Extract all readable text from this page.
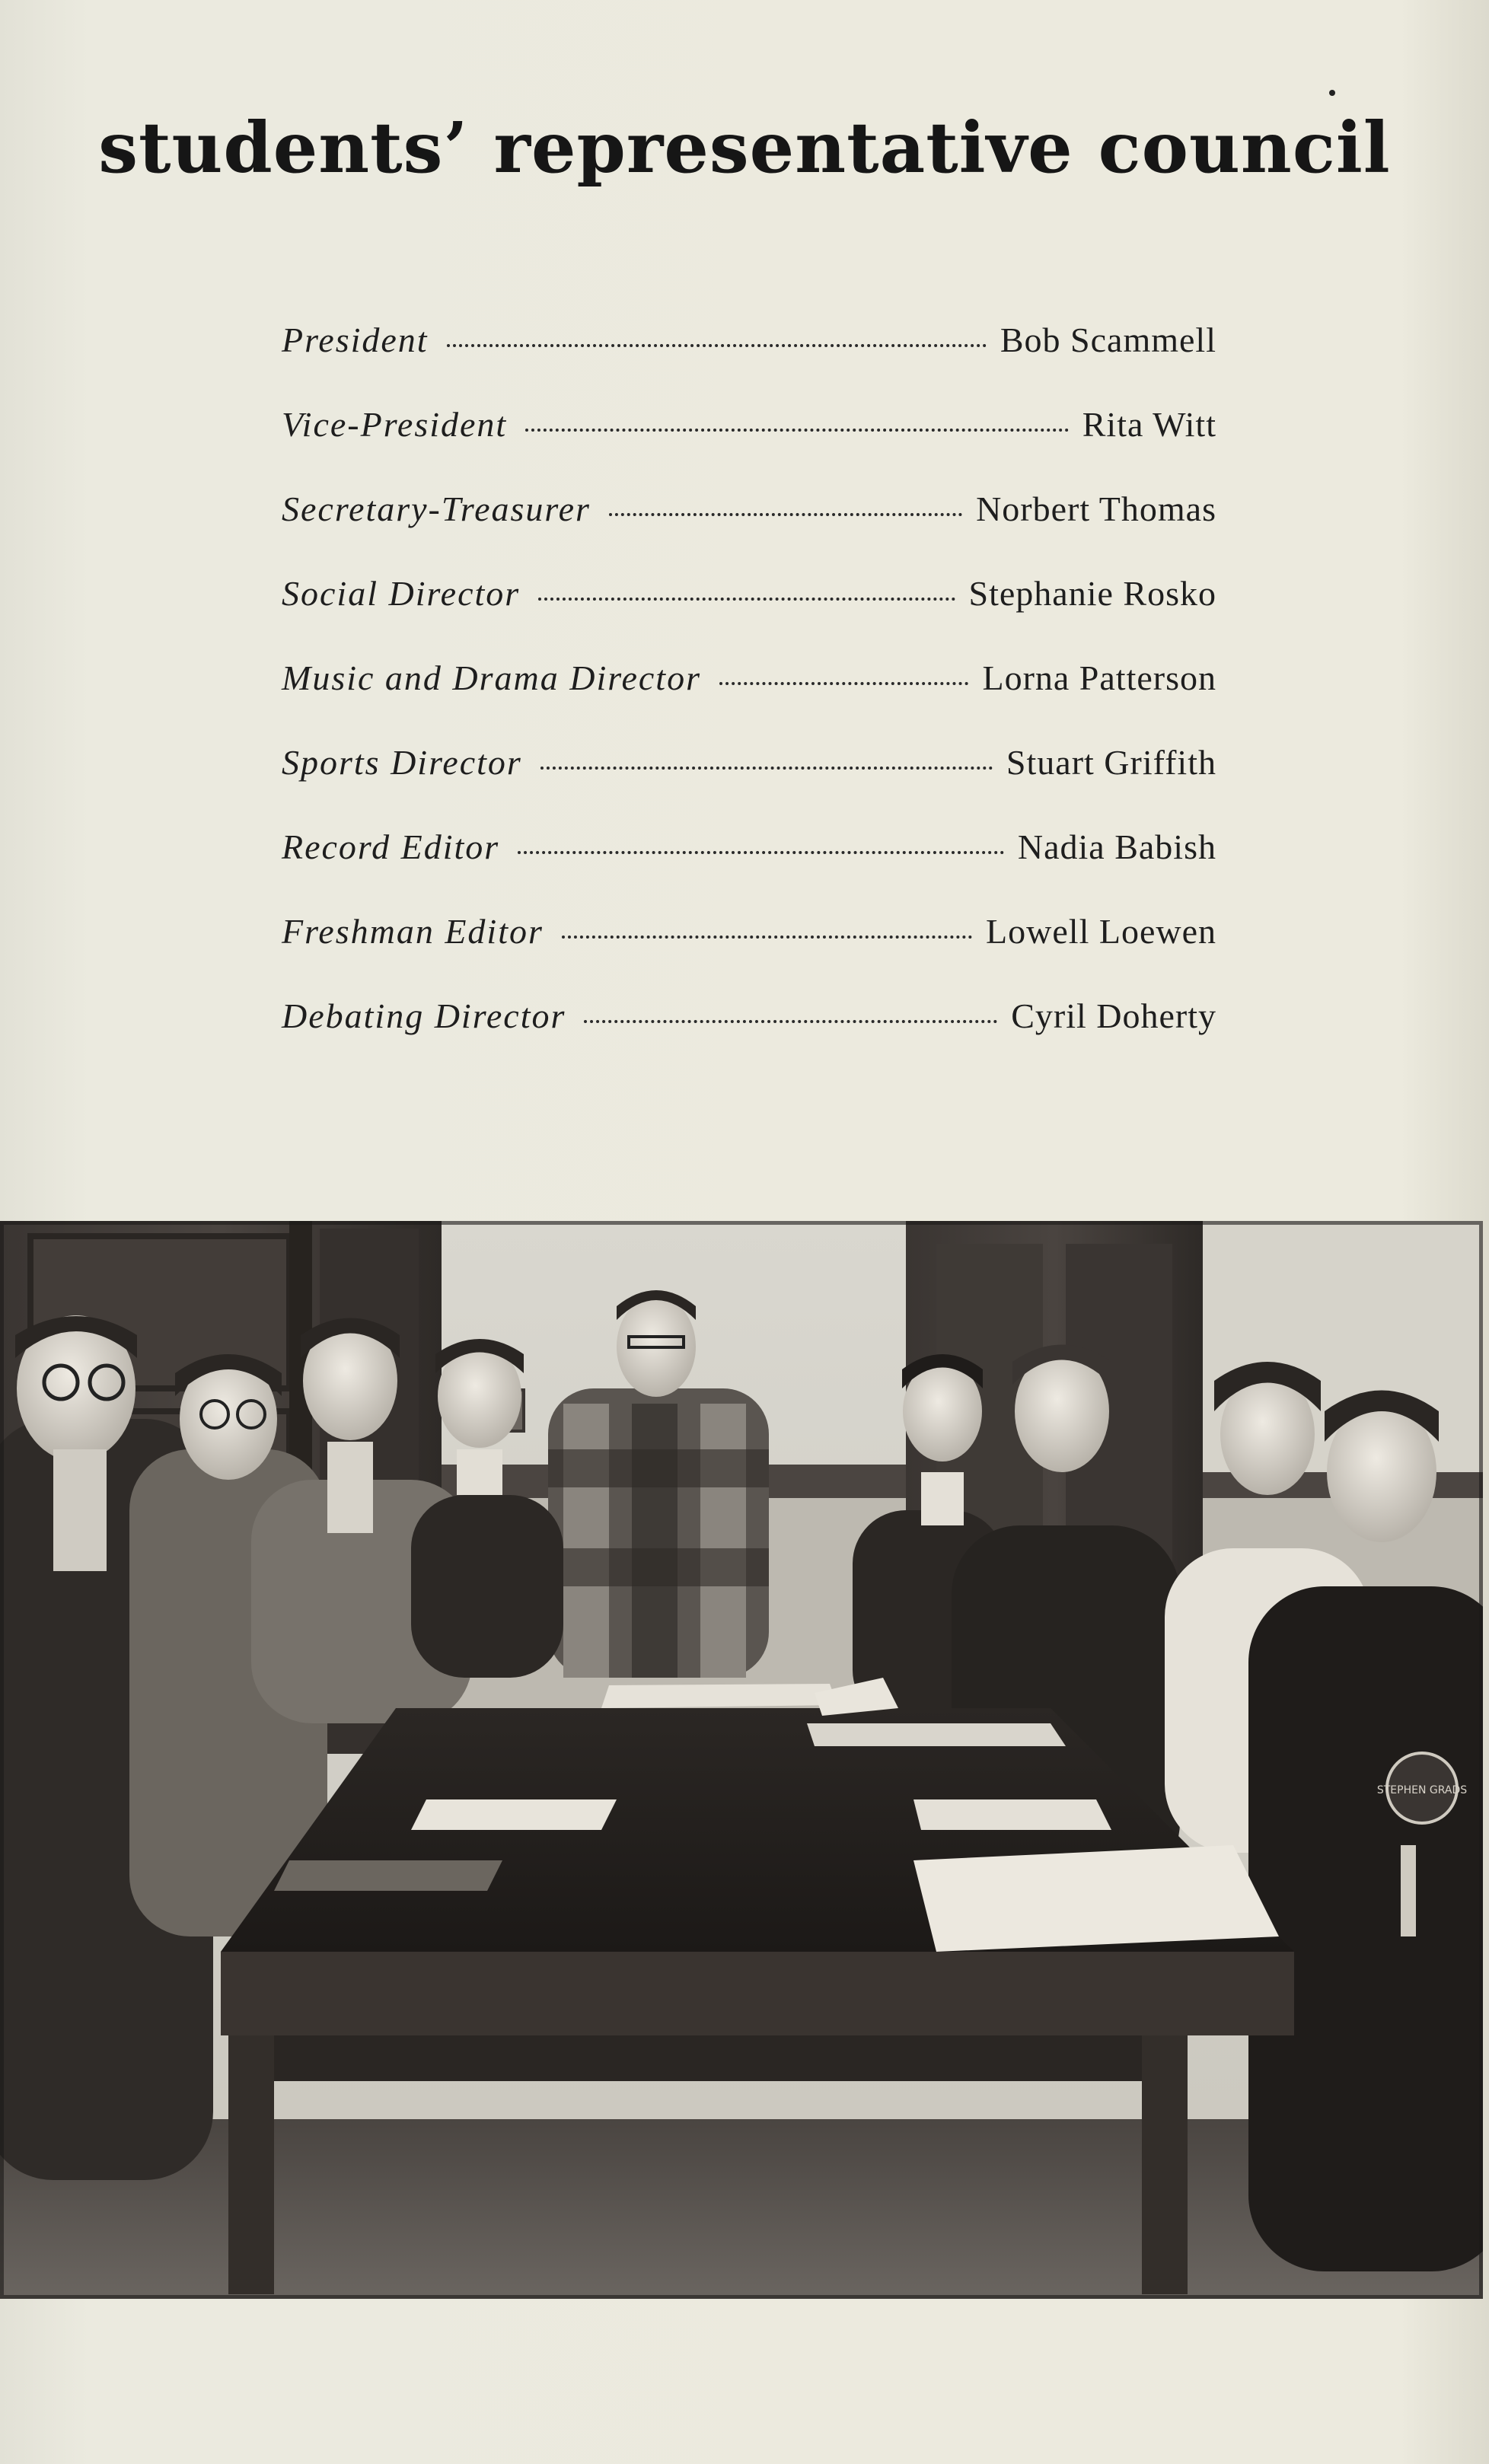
students’ representative council
President	Bob Scammell
Vice-President	Rita Witt
Secretary-Treasurer	Norbert Thomas
Social Director	Stephanie Rosko
Music and Drama Director	Lorna Patterson
Sports Director	Stuart Griffith
Record Editor	Nadia Babish
Freshman Editor	Lowell Loewen
Debating Director	Cyril Doherty
STEPHEN GRADS
